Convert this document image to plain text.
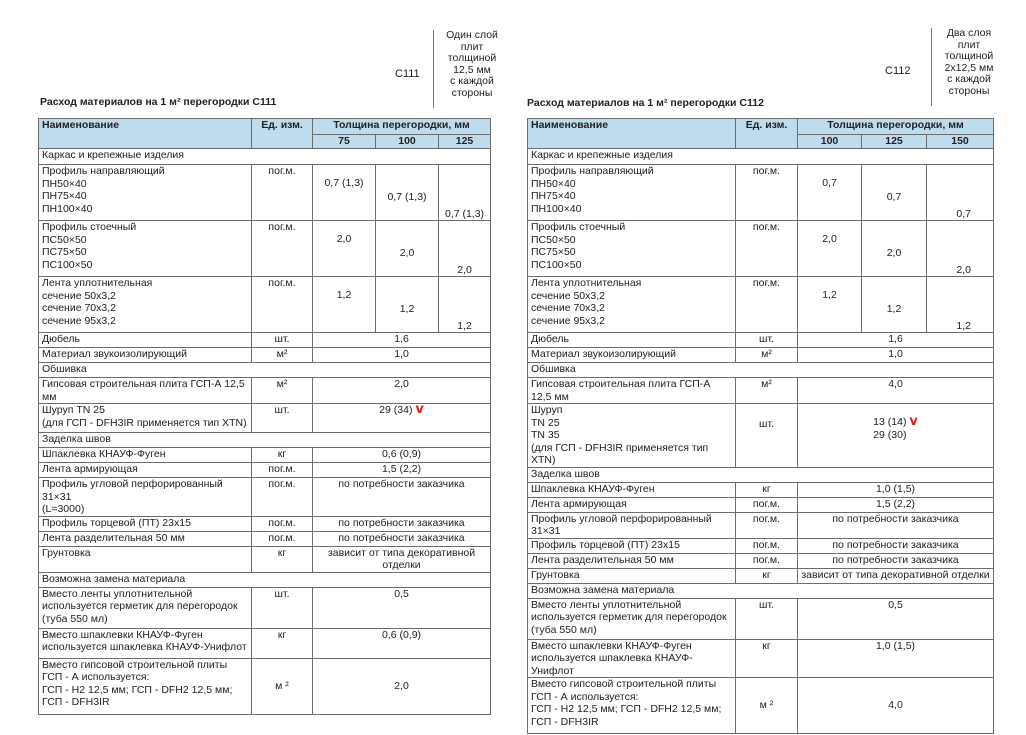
С111
Один слой
плит
толщиной
12,5 мм
с каждой
стороны
Расход материалов на 1 м² перегородки С111
Наименование	Ед. изм.	Толщина перегородки, мм		
		75	100	125
Каркас и крепежные изделия				
Профиль направляющий
ПН50×40
ПН75×40
ПН100×40	пог.м.	0,7 (1,3)	0,7 (1,3)	0,7 (1,3)
Профиль стоечный
ПС50×50
ПС75×50
ПС100×50	пог.м.	2,0	2,0	2,0
Лента уплотнительная
сечение 50х3,2
сечение 70х3,2
сечение 95х3,2	пог.м.	1,2	1,2	1,2
Дюбель	шт.	1,6		
Материал звукоизолирующий	м²	1,0		
Обшивка				
Гипсовая строительная плита ГСП-А 12,5 мм	м²	2,0		
Шуруп TN 25
(для ГСП - DFH3IR применяется тип XTN)	шт.	29 (34) v		
Заделка швов				
Шпаклевка КНАУФ-Фуген	кг	0,6 (0,9)		
Лента армирующая	пог.м.	1,5 (2,2)		
Профиль угловой перфорированный 31×31
(L=3000)	пог.м.	по потребности заказчика		
Профиль торцевой (ПТ) 23х15	пог.м.	по потребности заказчика		
Лента разделительная 50 мм	пог.м.	по потребности заказчика		
Грунтовка	кг	зависит от типа декоративной отделки		
Возможна замена материала				
Вместо ленты уплотнительной
используется герметик для перегородок
(туба 550 мл)	шт.	0,5		
Вместо шпаклевки КНАУФ-Фуген
используется шпаклевка КНАУФ-Унифлот	кг	0,6 (0,9)		
Вместо гипсовой строительной плиты
ГСП - А используется:
ГСП - Н2 12,5 мм; ГСП - DFH2 12,5 мм;
ГСП - DFH3IR	м ²	2,0		
С112
Два слоя
плит
толщиной
2х12,5 мм
с каждой
стороны
Расход материалов на 1 м² перегородки С112
Наименование	Ед. изм.	Толщина перегородки, мм		
		100	125	150
Каркас и крепежные изделия				
Профиль направляющий
ПН50×40
ПН75×40
ПН100×40	пог.м.	0,7	0,7	0,7
Профиль стоечный
ПС50×50
ПС75×50
ПС100×50	пог.м.	2,0	2,0	2,0
Лента уплотнительная
сечение 50х3,2
сечение 70х3,2
сечение 95х3,2	пог.м.	1,2	1,2	1,2
Дюбель	шт.	1,6		
Материал звукоизолирующий	м²	1,0		
Обшивка				
Гипсовая строительная плита ГСП-А 12,5 мм	м²	4,0		
Шуруп
TN 25
TN 35
(для ГСП - DFH3IR применяется тип XTN)	шт.	13 (14)
29 (30) v		
Заделка швов				
Шпаклевка КНАУФ-Фуген	кг	1,0 (1,5)		
Лента армирующая	пог.м.	1,5 (2,2)		
Профиль угловой перфорированный 31×31	пог.м.	по потребности заказчика		
Профиль торцевой (ПТ) 23х15	пог.м.	по потребности заказчика		
Лента разделительная 50 мм	пог.м.	по потребности заказчика		
Грунтовка	кг	зависит от типа декоративной отделки		
Возможна замена материала				
Вместо ленты уплотнительной
используется герметик для перегородок
(туба 550 мл)	шт.	0,5		
Вместо шпаклевки КНАУФ-Фуген
используется шпаклевка КНАУФ-Унифлот	кг	1,0 (1,5)		
Вместо гипсовой строительной плиты
ГСП - А используется:
ГСП - Н2 12,5 мм; ГСП - DFH2 12,5 мм;
ГСП - DFH3IR	м ²	4,0		
